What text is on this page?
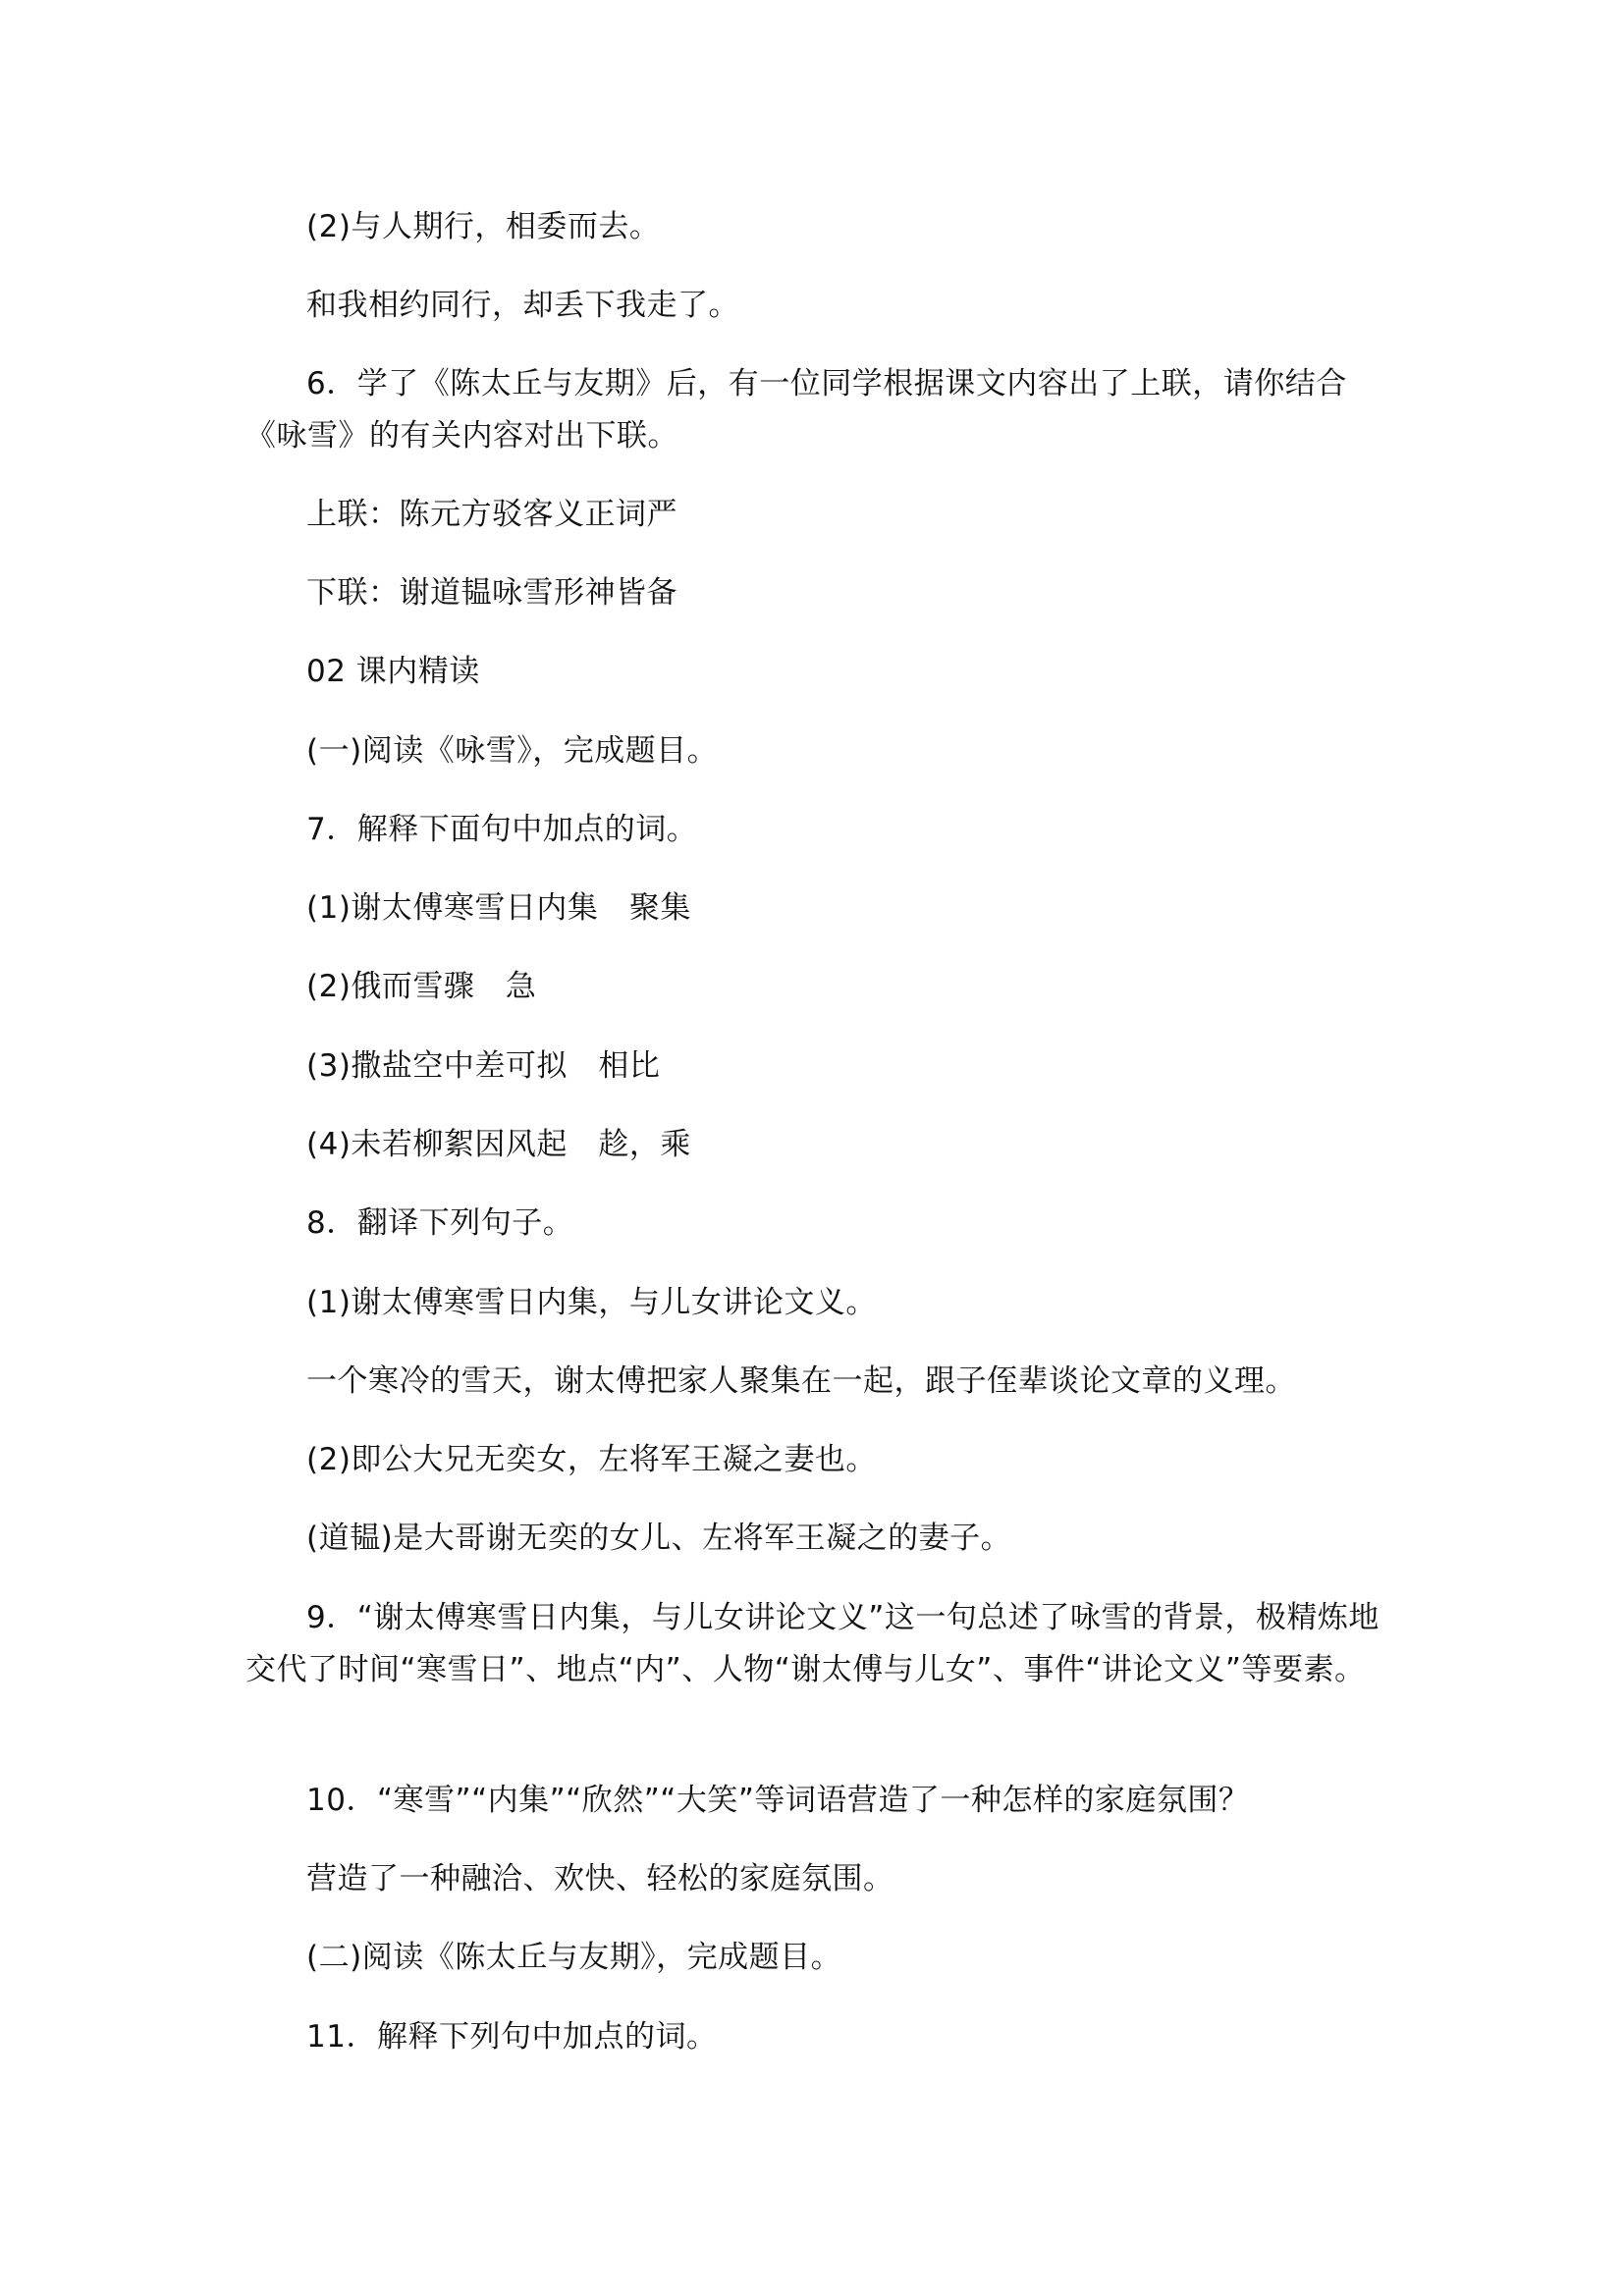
(2)与人期行，相委而去。
和我相约同行，却丢下我走了。
6．学了《陈太丘与友期》后，有一位同学根据课文内容出了上联，请你结合《咏雪》的有关内容对出下联。
上联：陈元方驳客义正词严
下联：谢道韫咏雪形神皆备
02 课内精读
(一)阅读《咏雪》，完成题目。
7．解释下面句中加点的词。
(1)谢太傅寒雪日内集　聚集
(2)俄而雪骤　急
(3)撒盐空中差可拟　相比
(4)未若柳絮因风起　趁，乘
8．翻译下列句子。
(1)谢太傅寒雪日内集，与儿女讲论文义。
一个寒冷的雪天，谢太傅把家人聚集在一起，跟子侄辈谈论文章的义理。
(2)即公大兄无奕女，左将军王凝之妻也。
(道韫)是大哥谢无奕的女儿、左将军王凝之的妻子。
9．“谢太傅寒雪日内集，与儿女讲论文义”这一句总述了咏雪的背景，极精炼地交代了时间“寒雪日”、地点“内”、人物“谢太傅与儿女”、事件“讲论文义”等要素。
10．“寒雪”“内集”“欣然”“大笑”等词语营造了一种怎样的家庭氛围？
营造了一种融洽、欢快、轻松的家庭氛围。
(二)阅读《陈太丘与友期》，完成题目。
11．解释下列句中加点的词。
